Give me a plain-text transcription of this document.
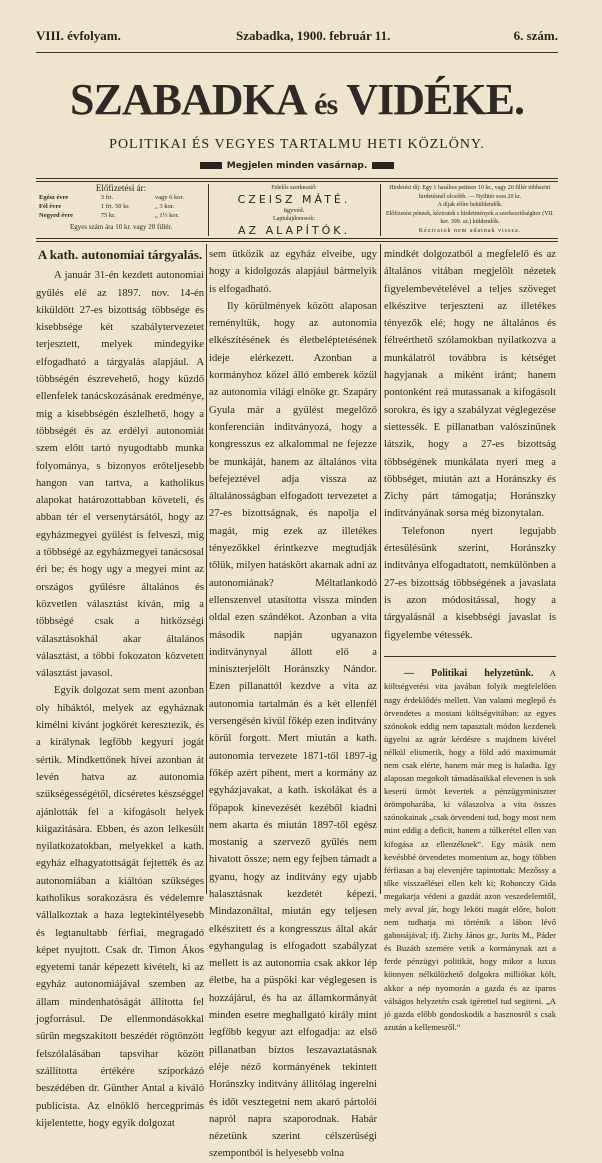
VIII. évfolyam.	Szabadka, 1900. február 11.	6. szám.
SZABADKA és VIDÉKE.
POLITIKAI ÉS VEGYES TARTALMU HETI KÖZLÖNY.
Megjelen minden vasárnap.
Előfizetési ár:
Egész évre	3 frt.	vagy 6 kor.
Fél évre	1 frt. 50 kr.	„ 3 kor.
Negyed évre	75 kr.	„ 1½ kor.
Egyes szám ára 10 kr. vagy 20 fillér.
Felelős szerkesztő:
CZEISZ MÁTÉ.
ügyvéd.
Laptulajdonosok:
AZ ALAPÍTÓK.
Hirdetési díj: Egy 1 hasábos petitsor 10 kr., vagy 20 fillér többszöri hirdetésnél olcsóbb. — Nyilttér sora 20 kr.
A díjak előre beküldendők.
Előfizetési pénzek, kéziratok s hirdetmények a szerkesztőséghez (VII. ker. 399. sz.) küldendők.
Kéziratok nem adatnak vissza.
A kath. autonomiai tárgyalás.

A január 31-én kezdett autonomiai gyűlés elé az 1897. nov. 14-én kiküldött 27-es bizottság többsége és kisebbsége két szabálytervezetet terjesztett, melyek mindegyike elfogadható a tárgyalás alapjául. A többségén észrevehető, hogy küzdő ellenfelek tanácskozásának eredménye, mig a kisebbségén észlelhető, hogy a többségét és az erdélyi autonomiát szem előtt tartó nyugodtabb munka folyománya, s bizonyos erőteljesebb hangon van tartva, a katholikus alapokat határozottabban követeli, és abban tér el versenytársától, hogy az egyházmegyei gyűlést is felveszi, mig a többségé az egyházmegyei tanácsosal éri be; és hogy ugy a megyei mint az országos gyűlésre általános és közvetlen választást kíván, mig a többségé csak a hitközségi választásokhál akar általános választást, a többi fokozaton közvetett választást javasol.

Egyik dolgozat sem ment azonban oly hibáktól, melyek az egyháznak kimélni kívánt jogkörét keresztezik, és a királynak legfőbb kegyuri jogát sértik. Mindkettőnek hívei azonban át levén hatva az autonomia szükségességétől, dicséretes készséggel ajánlották fel a kifogásolt helyek kiigazitására. Ebben, és azon lelkesült nyilatkozatokban, melyekkel a kath. egyház elhagyatottságát fejtették és az autonomiában a kiáltóan szükséges katholikus sorakozásra és védelemre vállalkoztak a haza legtekintélyesebb és legtanultabb férfiai, megragadó képet nyujtott. Csak dr. Timon Ákos egyetemi tanár képezett kivételt, ki az egyház autonomiájával szemben az állam mindenhatóságát állította fel jogforrásul. De ellenmondásokkal sűrün megszakított beszédét rögtönzött felszólalásában tapsvihar között szállította értékére sziporkázó beszédében dr. Günther Antal a kiváló publicista. Az elnöklő hercegprimás kijelentette, hogy egyik dolgozat

sem ütközik az egyház elveibe, ugy hogy a kidolgozás alapjául bármelyik is elfogadható.

Ily körülmények között alaposan reményltük, hogy az autonomia elkészítésének és életbeléptetésének ideje elérkezett. Azonban a kormányhoz közel álló emberek közül az autonomia világi elnöke gr. Szapáry Gyula már a gyűlést megelőző konferencián inditványozá, hogy a kongresszus ez alkalommal ne fejezze be munkáját, hanem az általános vita befejeztével adja vissza az általánosságban elfogadott tervezetet a 27-es bizottságnak, és napolja el magát, mig ezek az illetékes tényezőkkel érintkezve megtudják tőlük, milyen hatáskört akarnak adni az autonomiának? Méltatlankodó ellenszenvel utasította vissza minden oldal ezen szándékot. Azonban a vita második napján ugyanazon inditványnyal állott elő a miniszterjelölt Horánszky Nándor. Ezen pillanattól kezdve a vita az autonomia tartalmán és a két ellenfél versengésén kivül főkép ezen inditvány körül forgott. Mert miután a kath. autonomia tervezete 1871-től 1897-ig főkép azért pihent, mert a kormány az egyházjavakat, a kath. iskolákat és a főpapok kinevezését kezéből kiadni nem akarta és miután 1897-től egész mostanig a szervező gyűlés nem hivatott össze; nem egy fejben támadt a gyanu, hogy az inditvány egy ujabb halasztásnak kezdetét képezi. Mindazonáltal, miután egy teljesen elkészitett és a kongresszus által akár egyhangulag is elfogadott szabályzat mellett is az autonomia csak akkor lép életbe, ha a püspöki kar véglegesen is hozzájárul, és ha az államkormányát minden esetre meghallgató király mint legfőbb kegyur azt elfogadja: az első pillanatban biztos leszavaztatásnak eléje néző kormányének tekintett Horánszky inditvány állitólag ingerelni és időt vesztegetni nem akaró pártolói napról napra szaporodnak. Habár nézetünk szerint célszerűségi szempontból is helyesebb volna

mindkét dolgozatból a megfelelő és az általános vitában megjelölt nézetek figyelembevételével a teljes szöveget elkészitve terjeszteni az illetékes tényezők elé; hogy ne általános és félreérthető szólamokban nyilatkozva a munkálatról továbbra is kétséget hagyjanak a miként iránt; hanem pontonként reá mutassanak a kifogásolt sorokra, és igy a szabályzat véglegezése siettessék. E pillanatban valószinűnek látszik, hogy a 27-es bizottság többségének munkálata nyeri meg a többséget, miután azt a Horánszky és Zichy párt támogatja; Horánszky inditványának sorsa még bizonytalan.

Telefonon nyert legujabb értesülésünk szerint, Horánszky inditványa elfogadtatott, nemkülönben a 27-es bizottság többségének a javaslata is azon módositással, hogy a tárgyalásnál a kisebbségi javaslat is figyelembe vétessék.

— Politikai helyzetünk. A költségvetési vita javában folyik megfelelően nagy érdeklődés mellett. Van valami meglepő és örvendetes a mostani költségvitában: az egyes szónokok eddig nem tapasztalt módon kezdenek ügyelni az agrár kérdésre s majdnem kivétel nélkül elismerik, hogy a föld adó maximumát nem csak elérte, hanem már meg is haladta. Igy alaposan megokolt támadásaikkal elevenen is sok keserü ürmöt kevertek a pénzügyminiszter örömpoharába, ki válaszolva a vita összes szónokainak „csak örvendeni tud, hogy most nem mint eddig a deficit, hanem a túlkerétel ellen van kifogása az ellenzéknek“. Egy másik nem kevésbbé örvendetes momentum az, hogy többen férfiasan a baj elevenjére tapintottak: Mezőssy a tőke visszaélései ellen kelt ki; Rohonczy Gida megakarja védeni a gazdát azon veszedelemtől, mely avval jár, hogy leköti magát előre, holott nem tudhatja mi történik a lábon lévő gabonájával; ifj. Zichy János gr., Jurits M., Páder és Buzáth szemére vetik a kormánynak azt a ferde pénzügyi politikát, hogy mikor a luxus könnyen nélkülözhető dolgokra milliókat költ, akkor a nép nyomorán a gazda és az iparos válságos helyzetén csak igérettel tud segiteni. „A jó gazda előbb gondoskodik a hasznosról s csak azután a kellemesről.“
